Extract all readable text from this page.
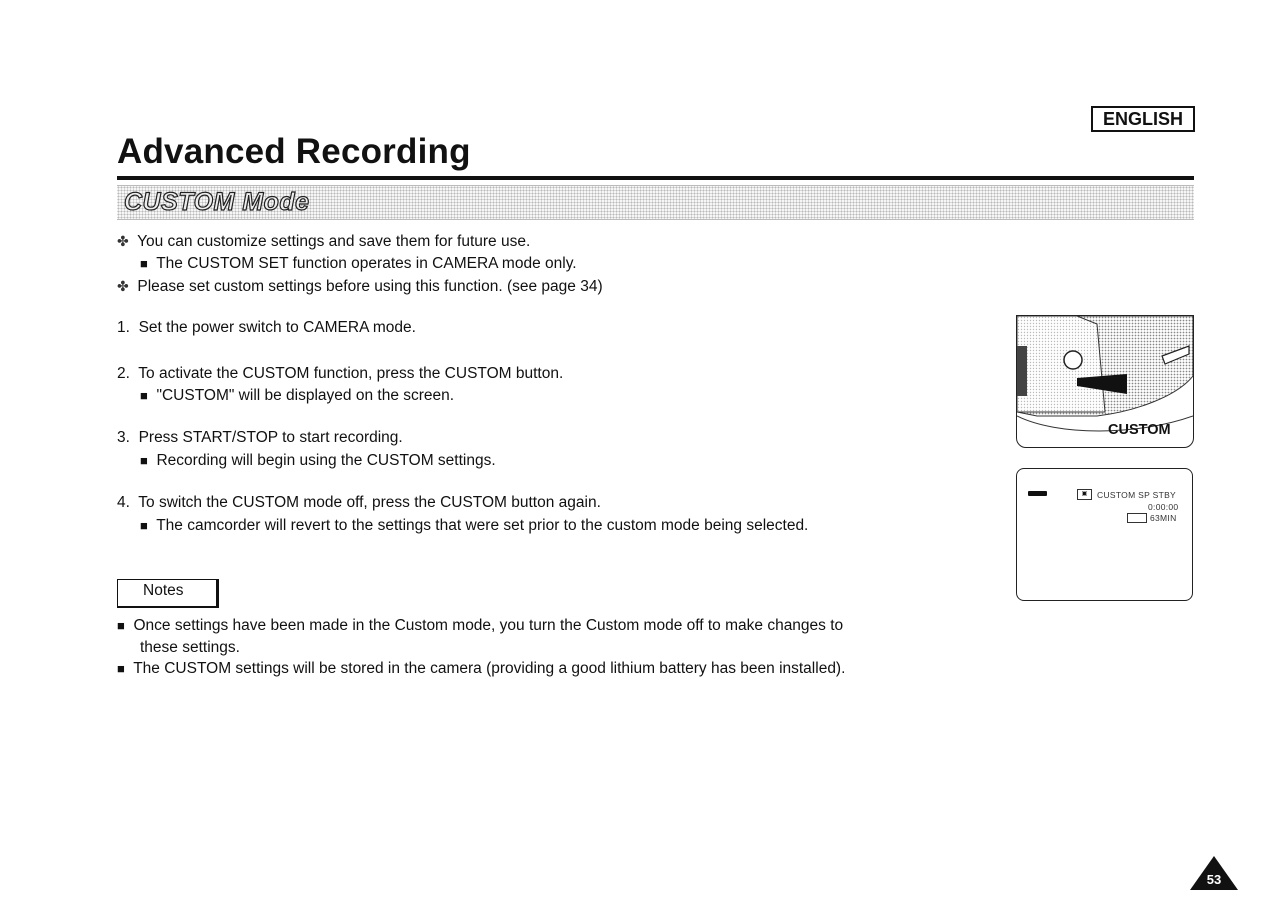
ENGLISH
Advanced Recording
CUSTOM Mode
✤ You can customize settings and save them for future use.
■ The CUSTOM SET function operates in CAMERA mode only.
✤ Please set custom settings before using this function. (see page 34)
1. Set the power switch to CAMERA mode.
2. To activate the CUSTOM function, press the CUSTOM button.
■ "CUSTOM" will be displayed on the screen.
3. Press START/STOP to start recording.
■ Recording will begin using the CUSTOM settings.
4. To switch the CUSTOM mode off, press the CUSTOM button again.
■ The camcorder will revert to the settings that were set prior to the custom mode being selected.
Notes
■ Once settings have been made in the Custom mode, you turn the Custom mode off to make changes to
these settings.
■ The CUSTOM settings will be stored in the camera (providing a good lithium battery has been installed).
CUSTOM
▣	CUSTOM SP STBY
0:00:00
63MIN
53
